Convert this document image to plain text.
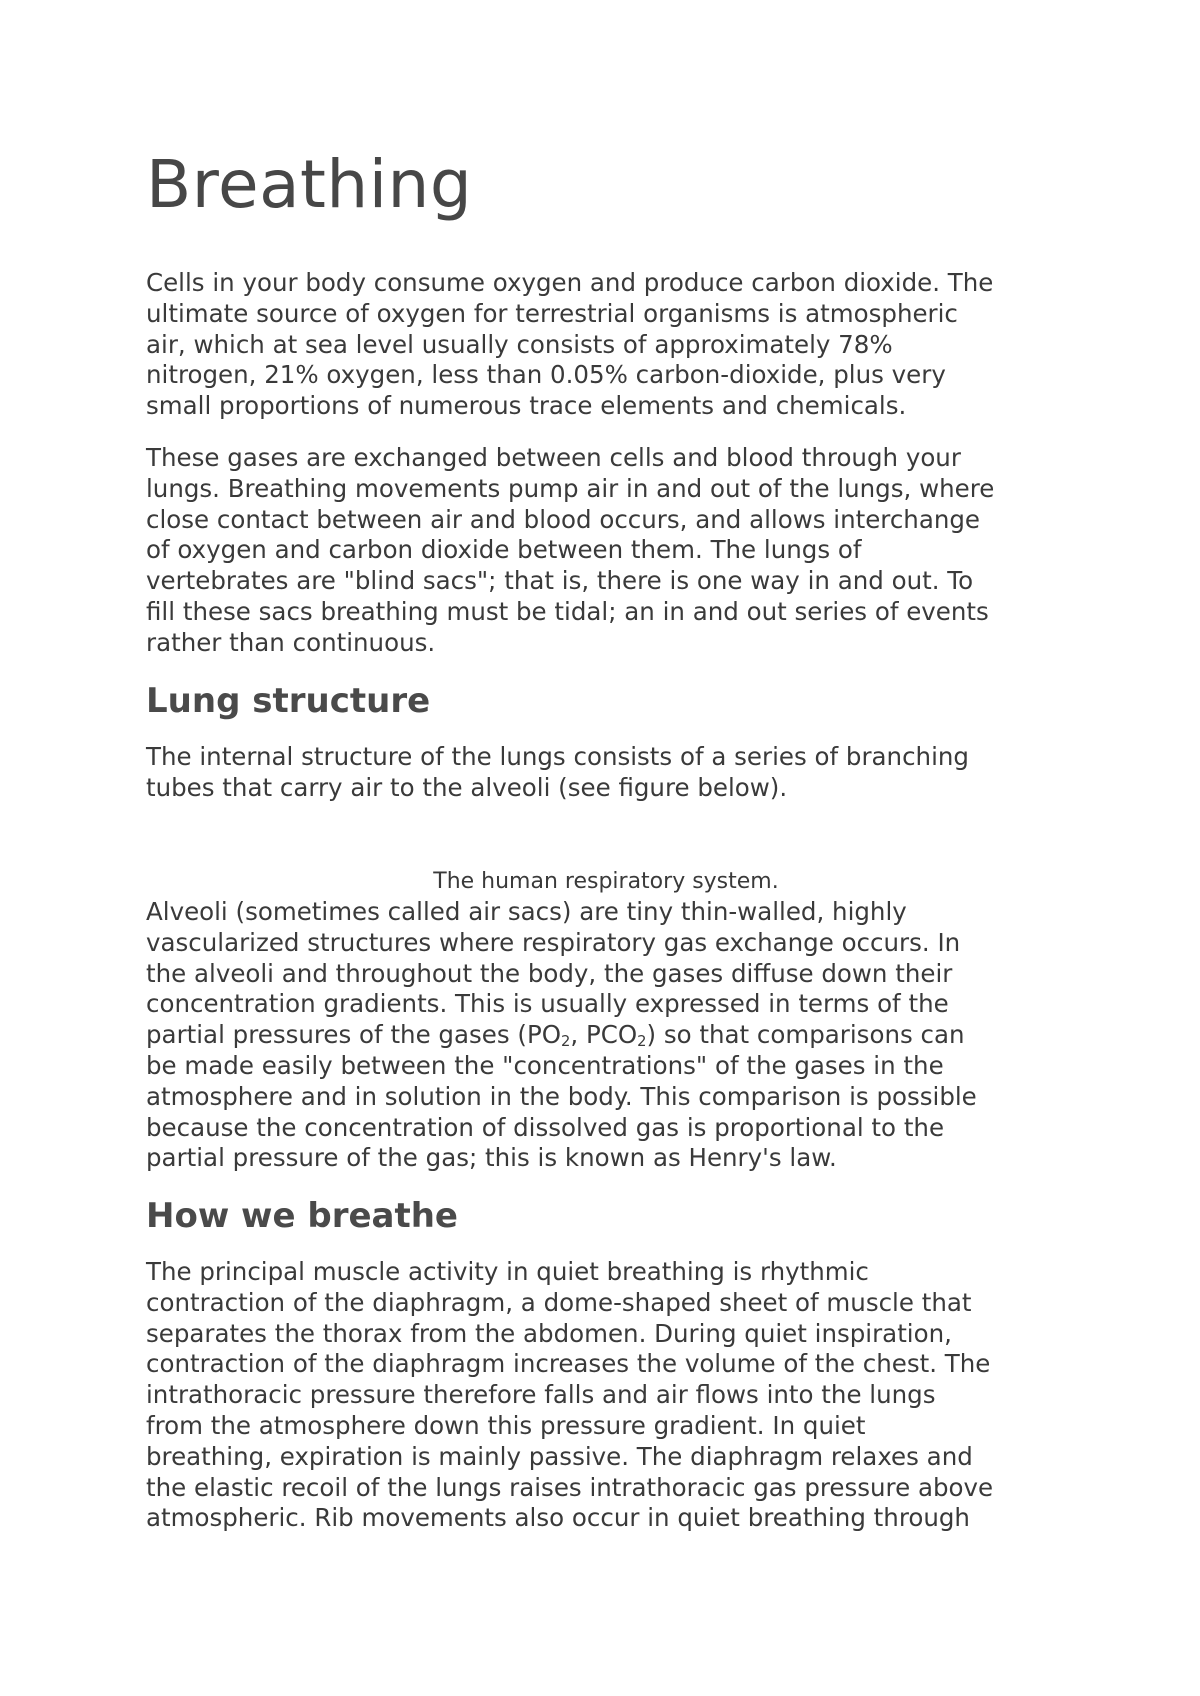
Breathing

Cells in your body consume oxygen and produce carbon dioxide. The
ultimate source of oxygen for terrestrial organisms is atmospheric
air, which at sea level usually consists of approximately 78%
nitrogen, 21% oxygen, less than 0.05% carbon-dioxide, plus very
small proportions of numerous trace elements and chemicals.

These gases are exchanged between cells and blood through your
lungs. Breathing movements pump air in and out of the lungs, where
close contact between air and blood occurs, and allows interchange
of oxygen and carbon dioxide between them. The lungs of
vertebrates are "blind sacs"; that is, there is one way in and out. To
fill these sacs breathing must be tidal; an in and out series of events
rather than continuous.

Lung structure

The internal structure of the lungs consists of a series of branching
tubes that carry air to the alveoli (see figure below).

The human respiratory system.

Alveoli (sometimes called air sacs) are tiny thin-walled, highly
vascularized structures where respiratory gas exchange occurs. In
the alveoli and throughout the body, the gases diffuse down their
concentration gradients. This is usually expressed in terms of the
partial pressures of the gases ($PO_2$, $PCO_2$) so that comparisons can
be made easily between the "concentrations" of the gases in the
atmosphere and in solution in the body. This comparison is possible
because the concentration of dissolved gas is proportional to the
partial pressure of the gas; this is known as Henry's law.

How we breathe

The principal muscle activity in quiet breathing is rhythmic
contraction of the diaphragm, a dome-shaped sheet of muscle that
separates the thorax from the abdomen. During quiet inspiration,
contraction of the diaphragm increases the volume of the chest. The
intrathoracic pressure therefore falls and air flows into the lungs
from the atmosphere down this pressure gradient. In quiet
breathing, expiration is mainly passive. The diaphragm relaxes and
the elastic recoil of the lungs raises intrathoracic gas pressure above
atmospheric. Rib movements also occur in quiet breathing through
